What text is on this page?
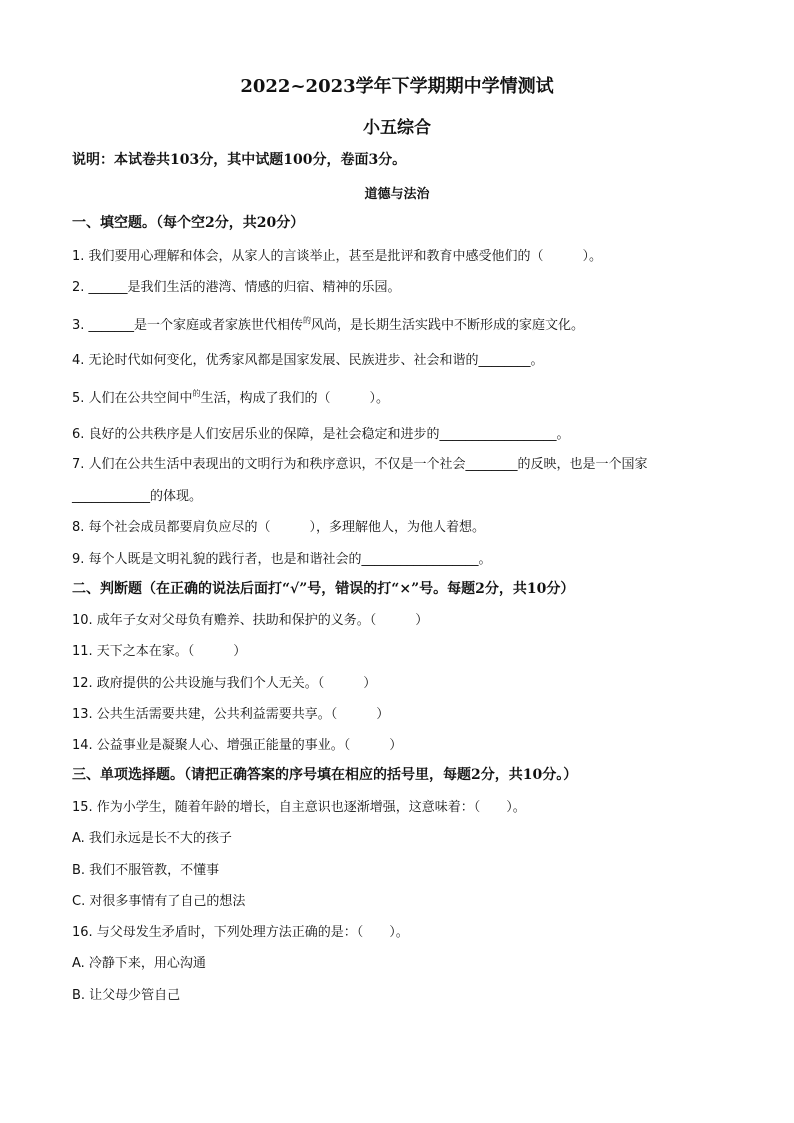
2022~2023学年下学期期中学情测试
小五综合
说明：本试卷共103分，其中试题100分，卷面3分。
道德与法治
一、填空题。（每个空2分，共20分）
1. 我们要用心理解和体会，从家人的言谈举止，甚至是批评和教育中感受他们的（　　　）。
2. ______是我们生活的港湾、情感的归宿、精神的乐园。
3. _______是一个家庭或者家族世代相传$^的$风尚，是长期生活实践中不断形成的家庭文化。
4. 无论时代如何变化，优秀家风都是国家发展、民族进步、社会和谐的________。
5. 人们在公共空间中$^的$生活，构成了我们的（　　　）。
6. 良好的公共秩序是人们安居乐业的保障，是社会稳定和进步的__________________。
7. 人们在公共生活中表现出的文明行为和秩序意识，不仅是一个社会________的反映，也是一个国家
____________的体现。
8. 每个社会成员都要肩负应尽的（　　　），多理解他人，为他人着想。
9. 每个人既是文明礼貌的践行者，也是和谐社会的__________________。
二、判断题（在正确的说法后面打“√”号，错误的打“×”号。每题2分，共10分）
10. 成年子女对父母负有赡养、扶助和保护的义务。（　　　）
11. 天下之本在家。（　　　）
12. 政府提供的公共设施与我们个人无关。（　　　）
13. 公共生活需要共建，公共利益需要共享。（　　　）
14. 公益事业是凝聚人心、增强正能量的事业。（　　　）
三、单项选择题。（请把正确答案的序号填在相应的括号里，每题2分，共10分。）
15. 作为小学生，随着年龄的增长，自主意识也逐渐增强，这意味着：（　　）。
A. 我们永远是长不大的孩子
B. 我们不服管教，不懂事
C. 对很多事情有了自己的想法
16. 与父母发生矛盾时，下列处理方法正确的是：（　　）。
A. 冷静下来，用心沟通
B. 让父母少管自己
